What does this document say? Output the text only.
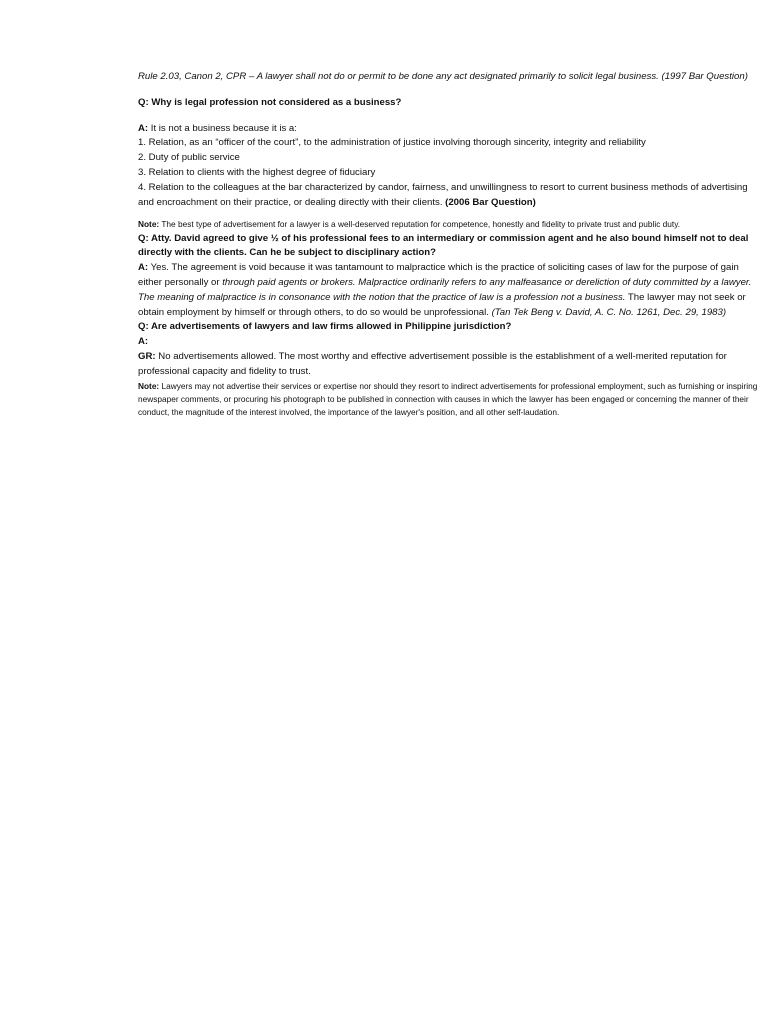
Rule 2.03, Canon 2, CPR – A lawyer shall not do or permit to be done any act designated primarily to solicit legal business. (1997 Bar Question)

Q: Why is legal profession not considered as a business?

A: It is not a business because it is a:

1. Relation, as an “officer of the court”, to the administration of justice involving thorough sincerity, integrity and reliability

2. Duty of public service

3. Relation to clients with the highest degree of fiduciary

4. Relation to the colleagues at the bar characterized by candor, fairness, and unwillingness to resort to current business methods of advertising and encroachment on their practice, or dealing directly with their clients. (2006 Bar Question)

Note: The best type of advertisement for a lawyer is a well-deserved reputation for competence, honestly and fidelity to private trust and public duty.

Q: Atty. David agreed to give ½ of his professional fees to an intermediary or commission agent and he also bound himself not to deal directly with the clients. Can he be subject to disciplinary action?

A: Yes. The agreement is void because it was tantamount to malpractice which is the practice of soliciting cases of law for the purpose of gain either personally or through paid agents or brokers. Malpractice ordinarily refers to any malfeasance or dereliction of duty committed by a lawyer. The meaning of malpractice is in consonance with the notion that the practice of law is a profession not a business. The lawyer may not seek or obtain employment by himself or through others, to do so would be unprofessional. (Tan Tek Beng v. David, A. C. No. 1261, Dec. 29, 1983)

Q: Are advertisements of lawyers and law firms allowed in Philippine jurisdiction?

A:

GR: No advertisements allowed. The most worthy and effective advertisement possible is the establishment of a well-merited reputation for professional capacity and fidelity to trust.

Note: Lawyers may not advertise their services or expertise nor should they resort to indirect advertisements for professional employment, such as furnishing or inspiring newspaper comments, or procuring his photograph to be published in connection with causes in which the lawyer has been engaged or concerning the manner of their conduct, the magnitude of the interest involved, the importance of the lawyer's position, and all other self-laudation.
